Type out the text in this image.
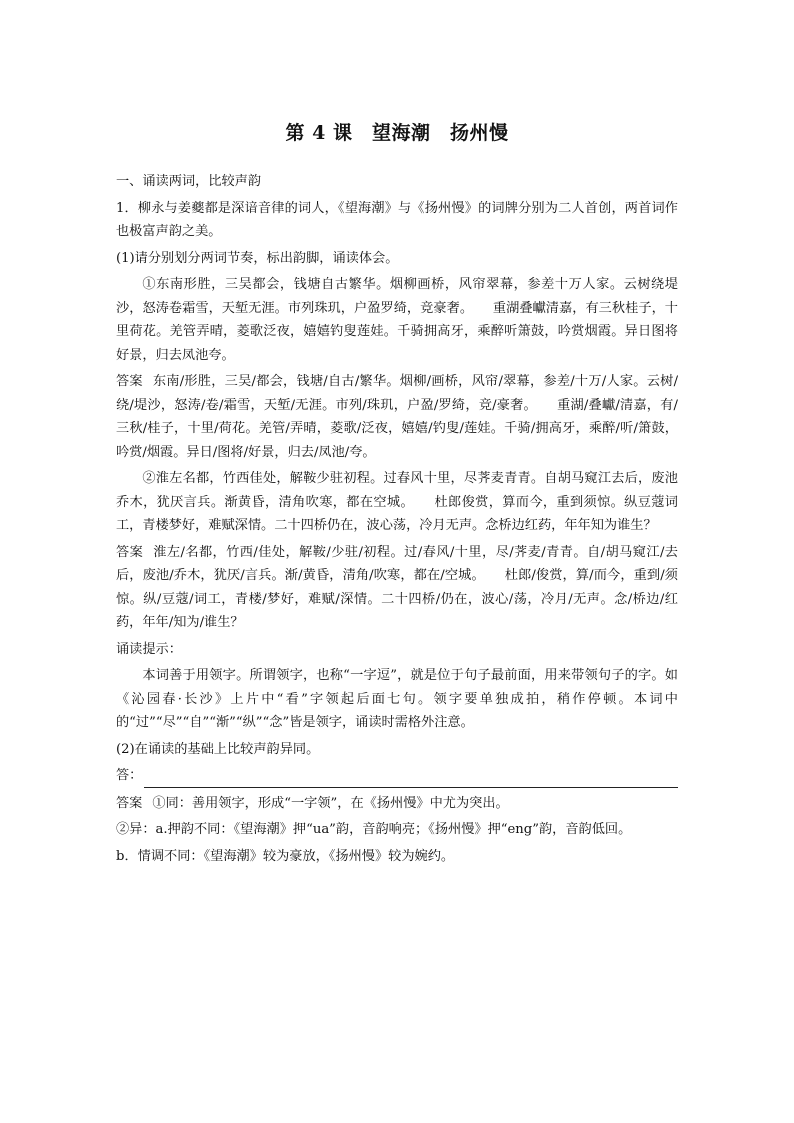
第 4 课　望海潮　扬州慢
一、诵读两词，比较声韵
1．柳永与姜夔都是深谙音律的词人，《望海潮》与《扬州慢》的词牌分别为二人首创，两首词作也极富声韵之美。
(1)请分别划分两词节奏，标出韵脚，诵读体会。
①东南形胜，三吴都会，钱塘自古繁华。烟柳画桥，风帘翠幕，参差十万人家。云树绕堤沙，怒涛卷霜雪，天堑无涯。市列珠玑，户盈罗绮，竞豪奢。　　重湖叠巘清嘉，有三秋桂子，十里荷花。羌管弄晴，菱歌泛夜，嬉嬉钓叟莲娃。千骑拥高牙，乘醉听箫鼓，吟赏烟霞。异日图将好景，归去凤池夸。
答案 东南/形胜，三吴/都会，钱塘/自古/繁华。烟柳/画桥，风帘/翠幕，参差/十万/人家。云树/绕/堤沙，怒涛/卷/霜雪，天堑/无涯。市列/珠玑，户盈/罗绮，竞/豪奢。　　重湖/叠巘/清嘉，有/三秋/桂子，十里/荷花。羌管/弄晴，菱歌/泛夜，嬉嬉/钓叟/莲娃。千骑/拥高牙，乘醉/听/箫鼓，吟赏/烟霞。异日/图将/好景，归去/凤池/夸。
②淮左名都，竹西佳处，解鞍少驻初程。过春风十里，尽荠麦青青。自胡马窥江去后，废池乔木，犹厌言兵。渐黄昏，清角吹寒，都在空城。　　杜郎俊赏，算而今，重到须惊。纵豆蔻词工，青楼梦好，难赋深情。二十四桥仍在，波心荡，冷月无声。念桥边红药，年年知为谁生？
答案 淮左/名都，竹西/佳处，解鞍/少驻/初程。过/春风/十里，尽/荠麦/青青。自/胡马窥江/去后，废池/乔木，犹厌/言兵。渐/黄昏，清角/吹寒，都在/空城。　　杜郎/俊赏，算/而今，重到/须惊。纵/豆蔻/词工，青楼/梦好，难赋/深情。二十四桥/仍在，波心/荡，冷月/无声。念/桥边/红药，年年/知为/谁生？
诵读提示：
本词善于用领字。所谓领字，也称“一字逗”，就是位于句子最前面，用来带领句子的字。如《沁园春·长沙》上片中“看”字领起后面七句。领字要单独成拍，稍作停顿。本词中的“过”“尽”“自”“渐”“纵”“念”皆是领字，诵读时需格外注意。
(2)在诵读的基础上比较声韵异同。
答：
答案 ①同：善用领字，形成“一字领”，在《扬州慢》中尤为突出。
②异：a.押韵不同：《望海潮》押“ua”韵，音韵响亮；《扬州慢》押“eng”韵，音韵低回。
b．情调不同：《望海潮》较为豪放，《扬州慢》较为婉约。
